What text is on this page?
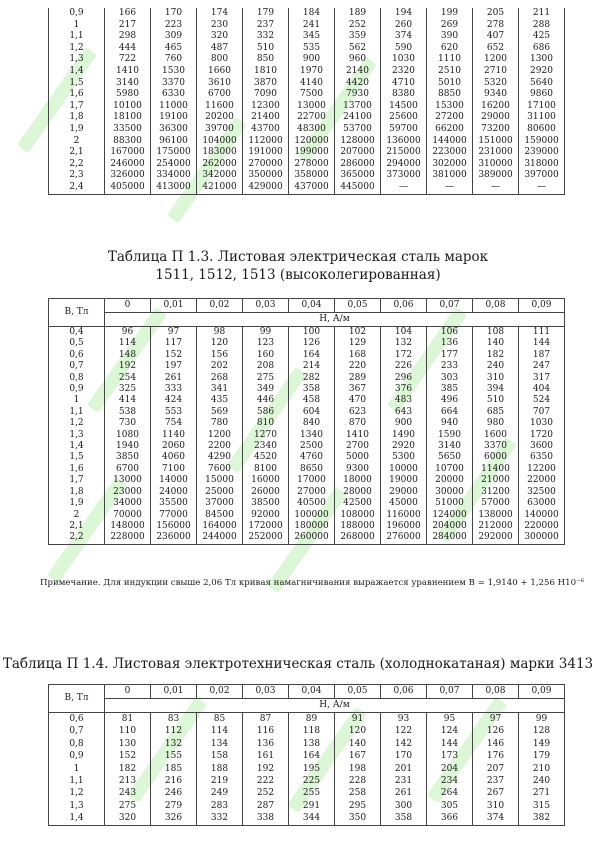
0,9	166	170	174	179	184	189	194	199	205	211
1	217	223	230	237	241	252	260	269	278	288
1,1	298	309	320	332	345	359	374	390	407	425
1,2	444	465	487	510	535	562	590	620	652	686
1,3	722	760	800	850	900	960	1030	1110	1200	1300
1,4	1410	1530	1660	1810	1970	2140	2320	2510	2710	2920
1,5	3140	3370	3610	3870	4140	4420	4710	5010	5320	5640
1,6	5980	6330	6700	7090	7500	7930	8380	8850	9340	9860
1,7	10100	11000	11600	12300	13000	13700	14500	15300	16200	17100
1,8	18100	19100	20200	21400	22700	24100	25600	27200	29000	31100
1,9	33500	36300	39700	43700	48300	53700	59700	66200	73200	80600
2	88300	96100	104000	112000	120000	128000	136000	144000	151000	159000
2,1	167000	175000	183000	191000	199000	207000	215000	223000	231000	239000
2,2	246000	254000	262000	270000	278000	286000	294000	302000	310000	318000
2,3	326000	334000	342000	350000	358000	365000	373000	381000	389000	397000
2,4	405000	413000	421000	429000	437000	445000	—	—	—	—
Таблица П 1.3. Листовая электрическая сталь марок
1511, 1512, 1513 (высоколегированная)
B, Тл	0	0,01	0,02	0,03	0,04	0,05	0,06	0,07	0,08	0,09
	H, А/м									
0,4	96	97	98	99	100	102	104	106	108	111
0,5	114	117	120	123	126	129	132	136	140	144
0,6	148	152	156	160	164	168	172	177	182	187
0,7	192	197	202	208	214	220	226	233	240	247
0,8	254	261	268	275	282	289	296	303	310	317
0,9	325	333	341	349	358	367	376	385	394	404
1	414	424	435	446	458	470	483	496	510	524
1,1	538	553	569	586	604	623	643	664	685	707
1,2	730	754	780	810	840	870	900	940	980	1030
1,3	1080	1140	1200	1270	1340	1410	1490	1590	1600	1720
1,4	1940	2060	2200	2340	2500	2700	2920	3140	3370	3600
1,5	3850	4060	4290	4520	4760	5000	5300	5650	6000	6350
1,6	6700	7100	7600	8100	8650	9300	10000	10700	11400	12200
1,7	13000	14000	15000	16000	17000	18000	19000	20000	21000	22000
1,8	23000	24000	25000	26000	27000	28000	29000	30000	31200	32500
1,9	34000	35500	37000	38500	40500	42500	45000	51000	57000	63000
2	70000	77000	84500	92000	100000	108000	116000	124000	138000	140000
2,1	148000	156000	164000	172000	180000	188000	196000	204000	212000	220000
2,2	228000	236000	244000	252000	260000	268000	276000	284000	292000	300000
Примечание. Для индукции свыше 2,06 Тл кривая намагничивания выражается уравнением B = 1,9140 + 1,256 H10⁻⁶
Таблица П 1.4. Листовая электротехническая сталь (холоднокатаная) марки 3413
B, Тл	0	0,01	0,02	0,03	0,04	0,05	0,06	0,07	0,08	0,09
	H, А/м									
0,6	81	83	85	87	89	91	93	95	97	99
0,7	110	112	114	116	118	120	122	124	126	128
0,8	130	132	134	136	138	140	142	144	146	149
0,9	152	155	158	161	164	167	170	173	176	179
1	182	185	188	192	195	198	201	204	207	210
1,1	213	216	219	222	225	228	231	234	237	240
1,2	243	246	249	252	255	258	261	264	267	271
1,3	275	279	283	287	291	295	300	305	310	315
1,4	320	326	332	338	344	350	358	366	374	382
